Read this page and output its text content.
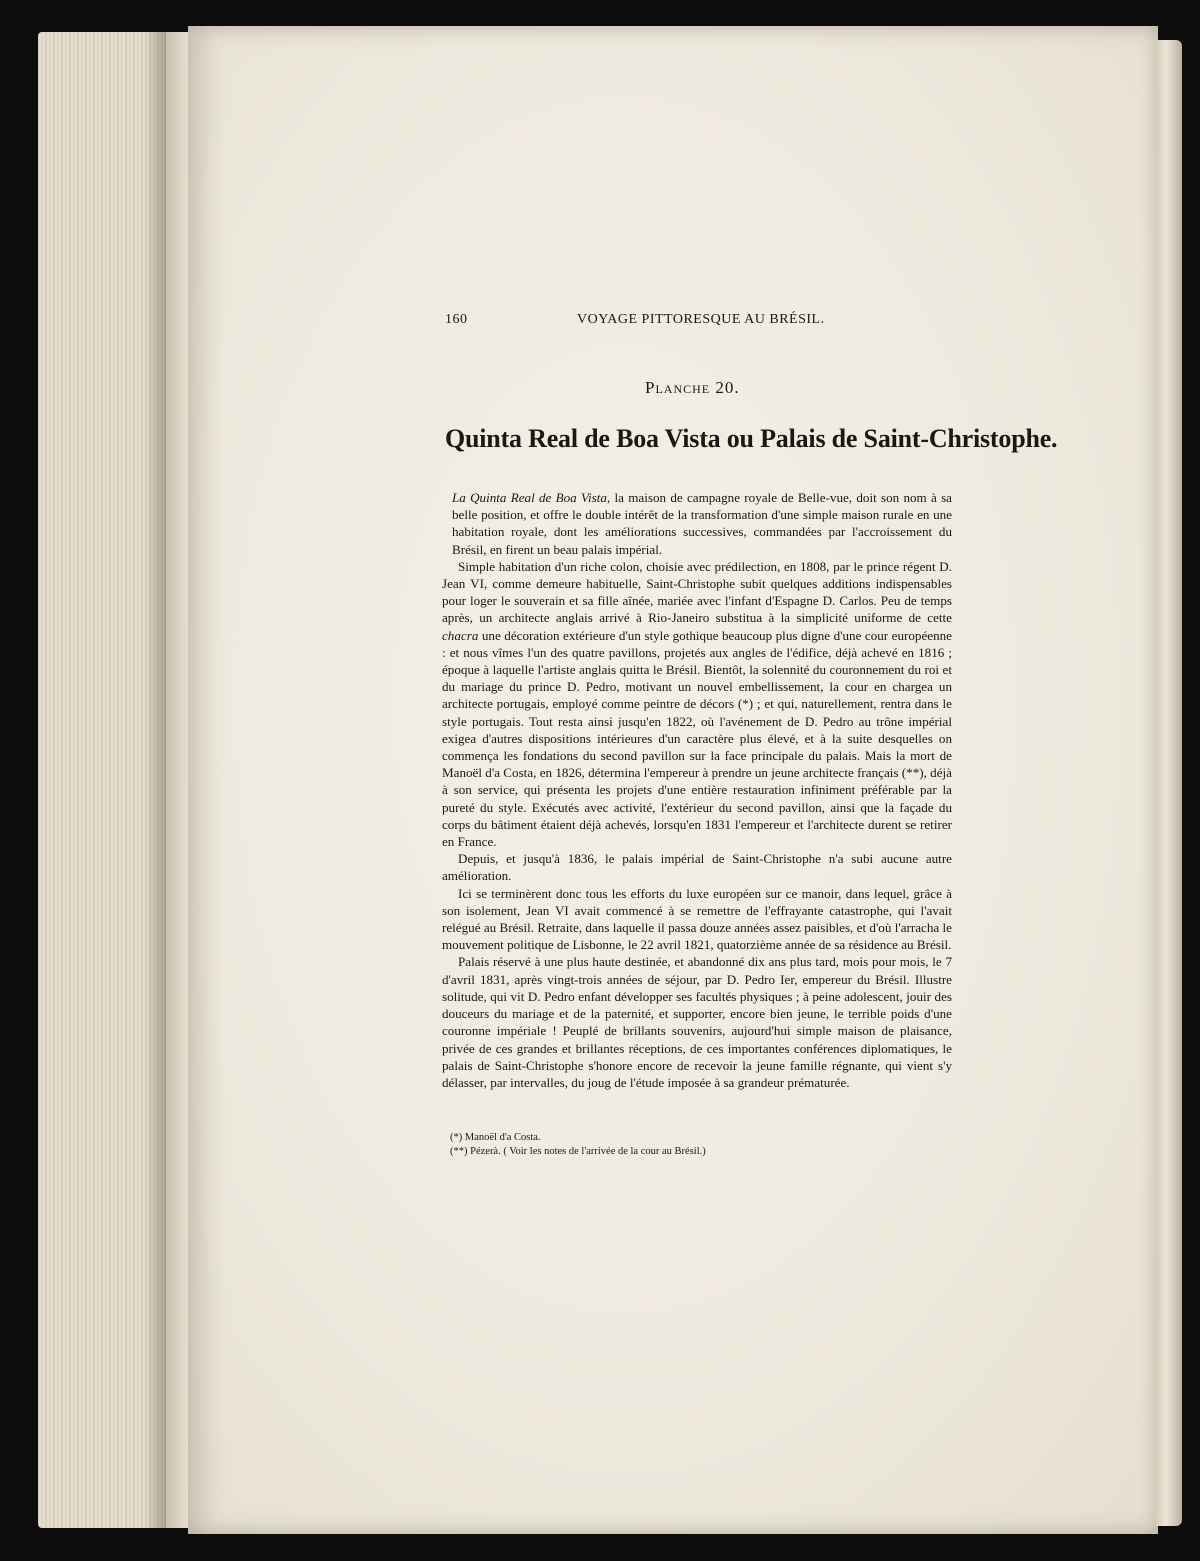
160	VOYAGE PITTORESQUE AU BRÉSIL.
Planche 20.
Quinta Real de Boa Vista ou Palais de Saint-Christophe.

La Quinta Real de Boa Vista, la maison de campagne royale de Belle-vue, doit son nom à sa belle position, et offre le double intérêt de la transformation d'une simple maison rurale en une habitation royale, dont les améliorations successives, commandées par l'accroissement du Brésil, en firent un beau palais impérial.

Simple habitation d'un riche colon, choisie avec prédilection, en 1808, par le prince régent D. Jean VI, comme demeure habituelle, Saint-Christophe subit quelques additions indispensables pour loger le souverain et sa fille aînée, mariée avec l'infant d'Espagne D. Carlos. Peu de temps après, un architecte anglais arrivé à Rio-Janeiro substitua à la simplicité uniforme de cette chacra une décoration extérieure d'un style gothique beaucoup plus digne d'une cour européenne : et nous vîmes l'un des quatre pavillons, projetés aux angles de l'édifice, déjà achevé en 1816 ; époque à laquelle l'artiste anglais quitta le Brésil. Bientôt, la solennité du couronnement du roi et du mariage du prince D. Pedro, motivant un nouvel embellissement, la cour en chargea un architecte portugais, employé comme peintre de décors (*) ; et qui, naturellement, rentra dans le style portugais. Tout resta ainsi jusqu'en 1822, où l'avénement de D. Pedro au trône impérial exigea d'autres dispositions intérieures d'un caractère plus élevé, et à la suite desquelles on commença les fondations du second pavillon sur la face principale du palais. Mais la mort de Manoël d'a Costa, en 1826, détermina l'empereur à prendre un jeune architecte français (**), déjà à son service, qui présenta les projets d'une entière restauration infiniment préférable par la pureté du style. Exécutés avec activité, l'extérieur du second pavillon, ainsi que la façade du corps du bâtiment étaient déjà achevés, lorsqu'en 1831 l'empereur et l'architecte durent se retirer en France.

Depuis, et jusqu'à 1836, le palais impérial de Saint-Christophe n'a subi aucune autre amélioration.

Ici se terminèrent donc tous les efforts du luxe européen sur ce manoir, dans lequel, grâce à son isolement, Jean VI avait commencé à se remettre de l'effrayante catastrophe, qui l'avait relégué au Brésil. Retraite, dans laquelle il passa douze années assez paisibles, et d'où l'arracha le mouvement politique de Lisbonne, le 22 avril 1821, quatorzième année de sa résidence au Brésil.

Palais réservé à une plus haute destinée, et abandonné dix ans plus tard, mois pour mois, le 7 d'avril 1831, après vingt-trois années de séjour, par D. Pedro Ier, empereur du Brésil. Illustre solitude, qui vit D. Pedro enfant développer ses facultés physiques ; à peine adolescent, jouir des douceurs du mariage et de la paternité, et supporter, encore bien jeune, le terrible poids d'une couronne impériale ! Peuplé de brillants souvenirs, aujourd'hui simple maison de plaisance, privée de ces grandes et brillantes réceptions, de ces importantes conférences diplomatiques, le palais de Saint-Christophe s'honore encore de recevoir la jeune famille régnante, qui vient s'y délasser, par intervalles, du joug de l'étude imposée à sa grandeur prématurée.

(*) Manoël d'a Costa.
(**) Pézerà. ( Voir les notes de l'arrivée de la cour au Brésil.)
